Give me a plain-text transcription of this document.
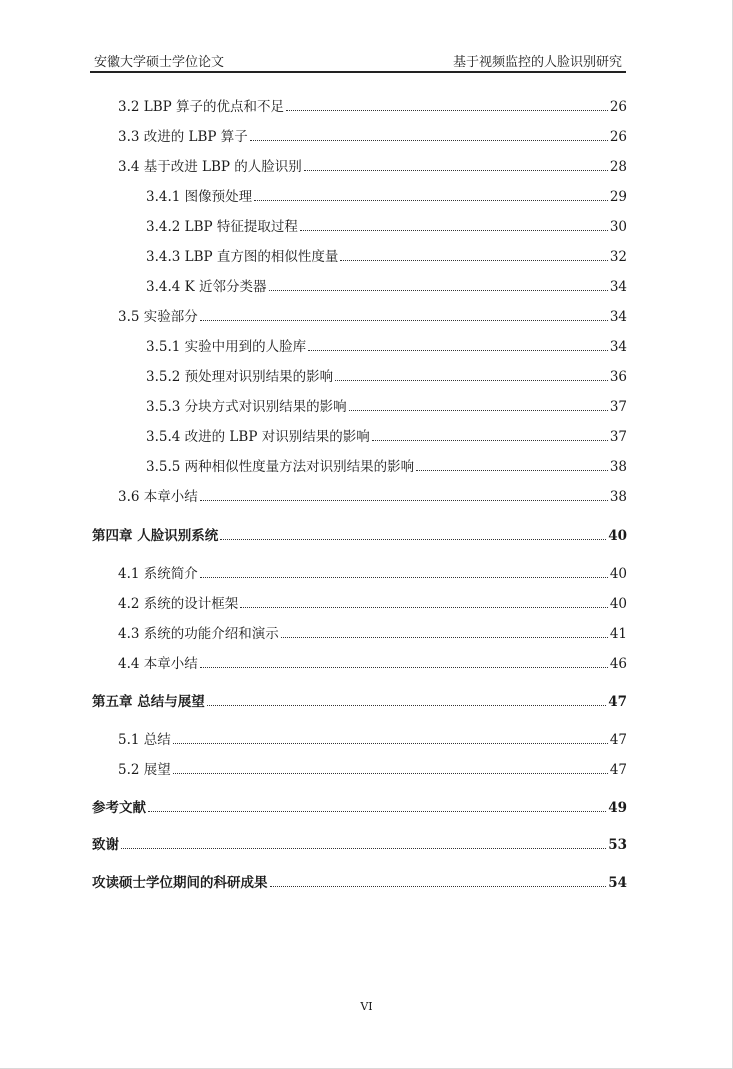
安徽大学硕士学位论文	基于视频监控的人脸识别研究
3.2 LBP 算子的优点和不足	26
3.3 改进的 LBP 算子	26
3.4 基于改进 LBP 的人脸识别	28
3.4.1 图像预处理	29
3.4.2 LBP 特征提取过程	30
3.4.3 LBP 直方图的相似性度量	32
3.4.4 K 近邻分类器	34
3.5 实验部分	34
3.5.1 实验中用到的人脸库	34
3.5.2 预处理对识别结果的影响	36
3.5.3 分块方式对识别结果的影响	37
3.5.4 改进的 LBP 对识别结果的影响	37
3.5.5 两种相似性度量方法对识别结果的影响	38
3.6 本章小结	38
第四章 人脸识别系统	40
4.1 系统简介	40
4.2 系统的设计框架	40
4.3 系统的功能介绍和演示	41
4.4 本章小结	46
第五章 总结与展望	47
5.1 总结	47
5.2 展望	47
参考文献	49
致谢	53
攻读硕士学位期间的科研成果	54
VI
